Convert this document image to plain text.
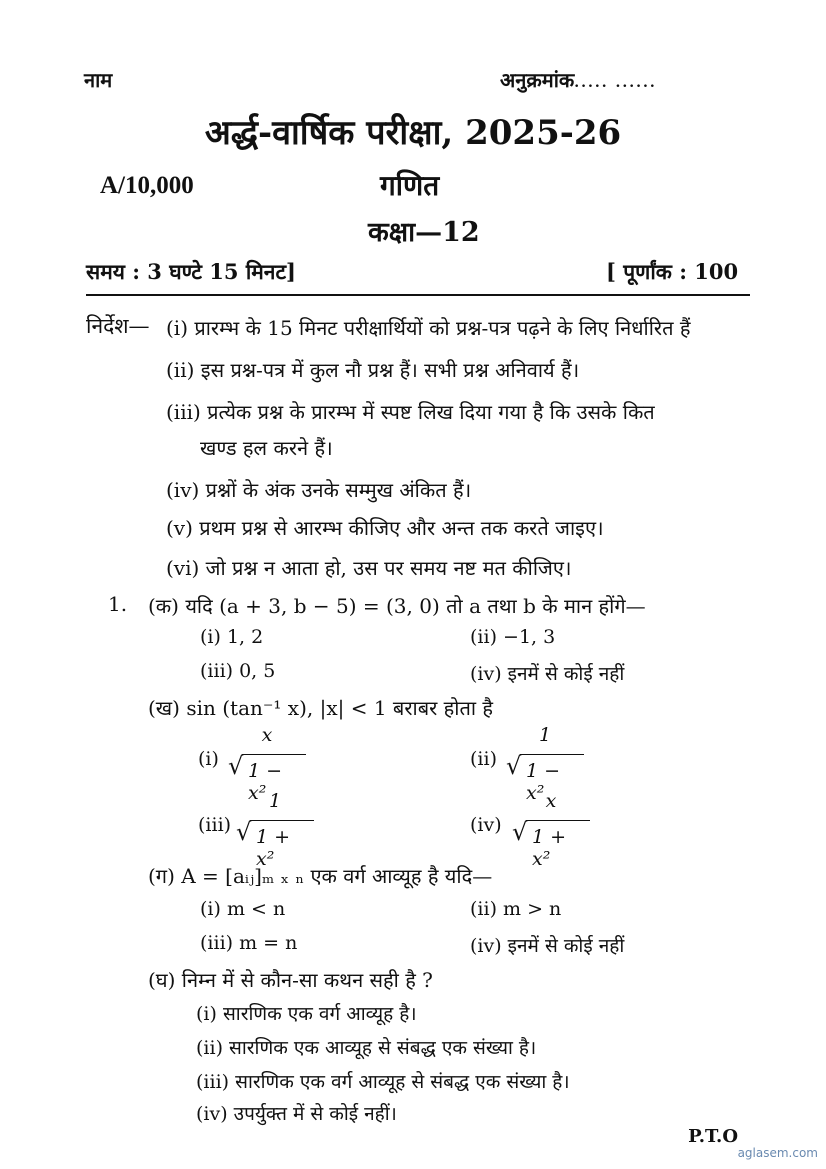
नाम	अनुक्रमांक..... ......
अर्द्ध-वार्षिक परीक्षा, 2025-26
A/10,000	गणित
कक्षा—12
समय : 3 घण्टे 15 मिनट]	[ पूर्णांक : 100
निर्देश— (i) प्रारम्भ के 15 मिनट परीक्षार्थियों को प्रश्न-पत्र पढ़ने के लिए निर्धारित हैं
(ii) इस प्रश्न-पत्र में कुल नौ प्रश्न हैं। सभी प्रश्न अनिवार्य हैं।
(iii) प्रत्येक प्रश्न के प्रारम्भ में स्पष्ट लिख दिया गया है कि उसके कित
खण्ड हल करने हैं।
(iv) प्रश्नों के अंक उनके सम्मुख अंकित हैं।
(v) प्रथम प्रश्न से आरम्भ कीजिए और अन्त तक करते जाइए।
(vi) जो प्रश्न न आता हो, उस पर समय नष्ट मत कीजिए।
1. (क) यदि (a + 3, b − 5) = (3, 0) तो a तथा b के मान होंगे—
(i) 1, 2	(ii) −1, 3
(iii) 0, 5	(iv) इनमें से कोई नहीं
(ख) sin (tan⁻¹ x), |x| < 1 बराबर होता है
(i)
x
√ 1 − x²
(ii)
1
√ 1 − x²
(iii)
1
√ 1 + x²
(iv)
x
√ 1 + x²
(ग) A = [aᵢⱼ]ₘ ₓ ₙ एक वर्ग आव्यूह है यदि—
(i) m < n	(ii) m > n
(iii) m = n	(iv) इनमें से कोई नहीं
(घ) निम्न में से कौन-सा कथन सही है ?
(i) सारणिक एक वर्ग आव्यूह है।
(ii) सारणिक एक आव्यूह से संबद्ध एक संख्या है।
(iii) सारणिक एक वर्ग आव्यूह से संबद्ध एक संख्या है।
(iv) उपर्युक्त में से कोई नहीं।
P.T.O
aglasem.com
